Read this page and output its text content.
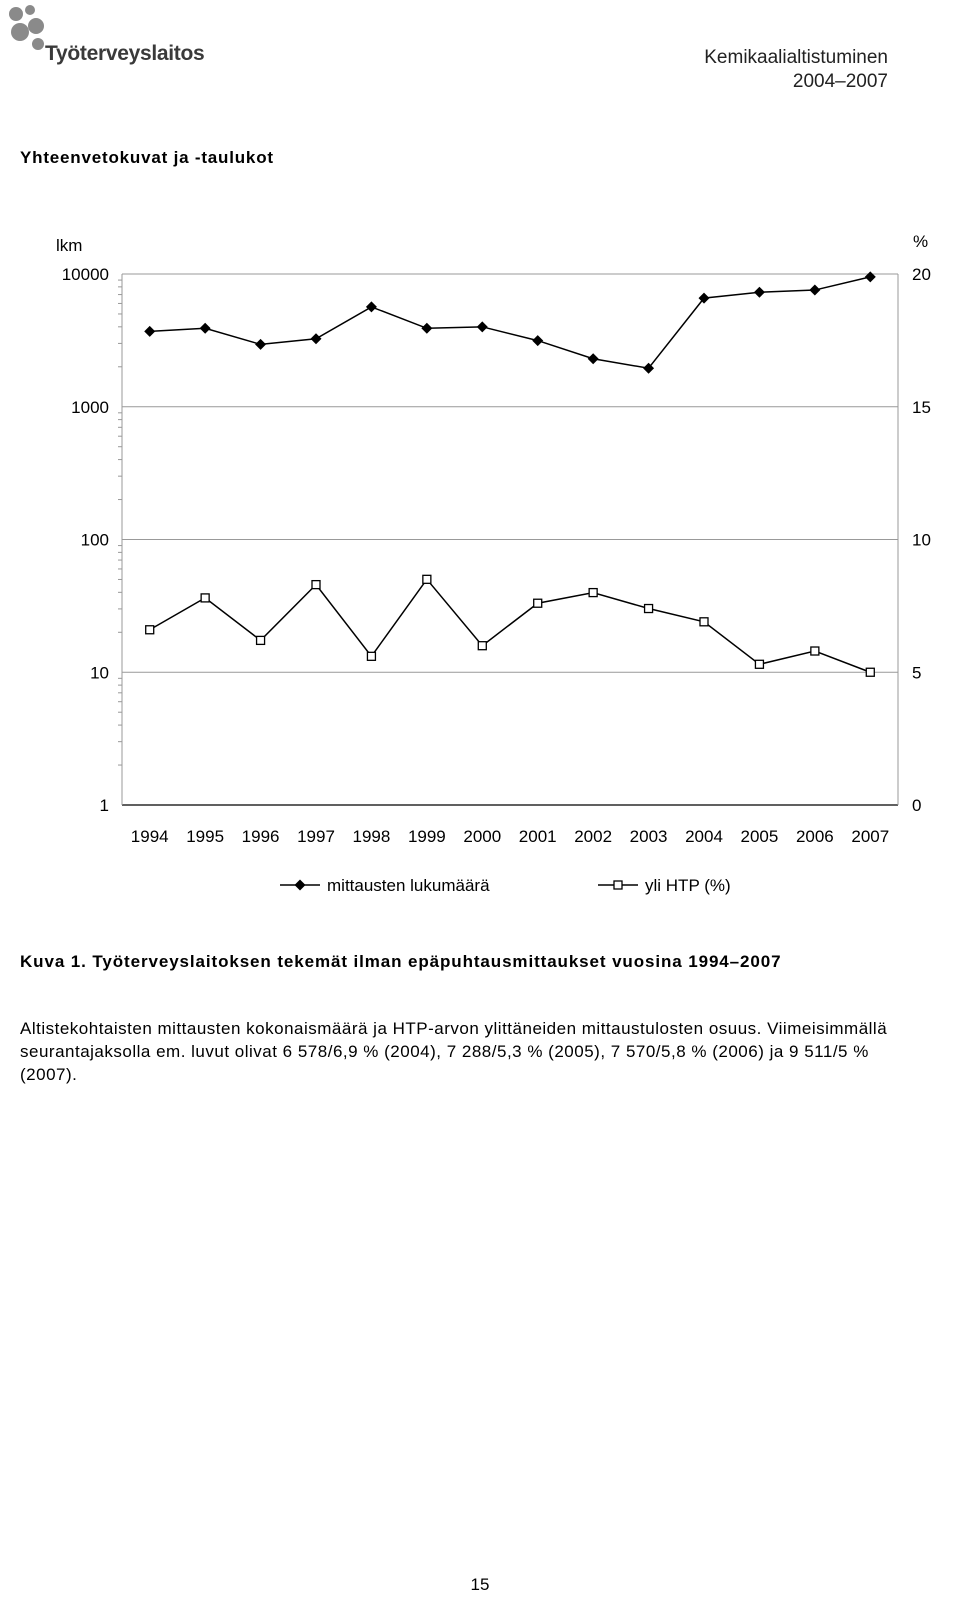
Työterveyslaitos	Kemikaalialtistuminen
2004–2007
Yhteenvetokuvat ja -taulukot
1
10
100
1000
10000
0
5
10
15
20
lkm	%
1994 1995 1996 1997 1998 1999 2000 2001 2002 2003 2004 2005 2006 2007
mittausten lukumäärä	yli HTP (%)
Kuva 1. Työterveyslaitoksen tekemät ilman epäpuhtausmittaukset vuosina 1994–2007
Altistekohtaisten mittausten kokonaismäärä ja HTP-arvon ylittäneiden mittaustulosten osuus. Viimeisimmällä seurantajaksolla em. luvut olivat 6 578/6,9 % (2004), 7 288/5,3 % (2005), 7 570/5,8 % (2006) ja 9 511/5 % (2007).
15
